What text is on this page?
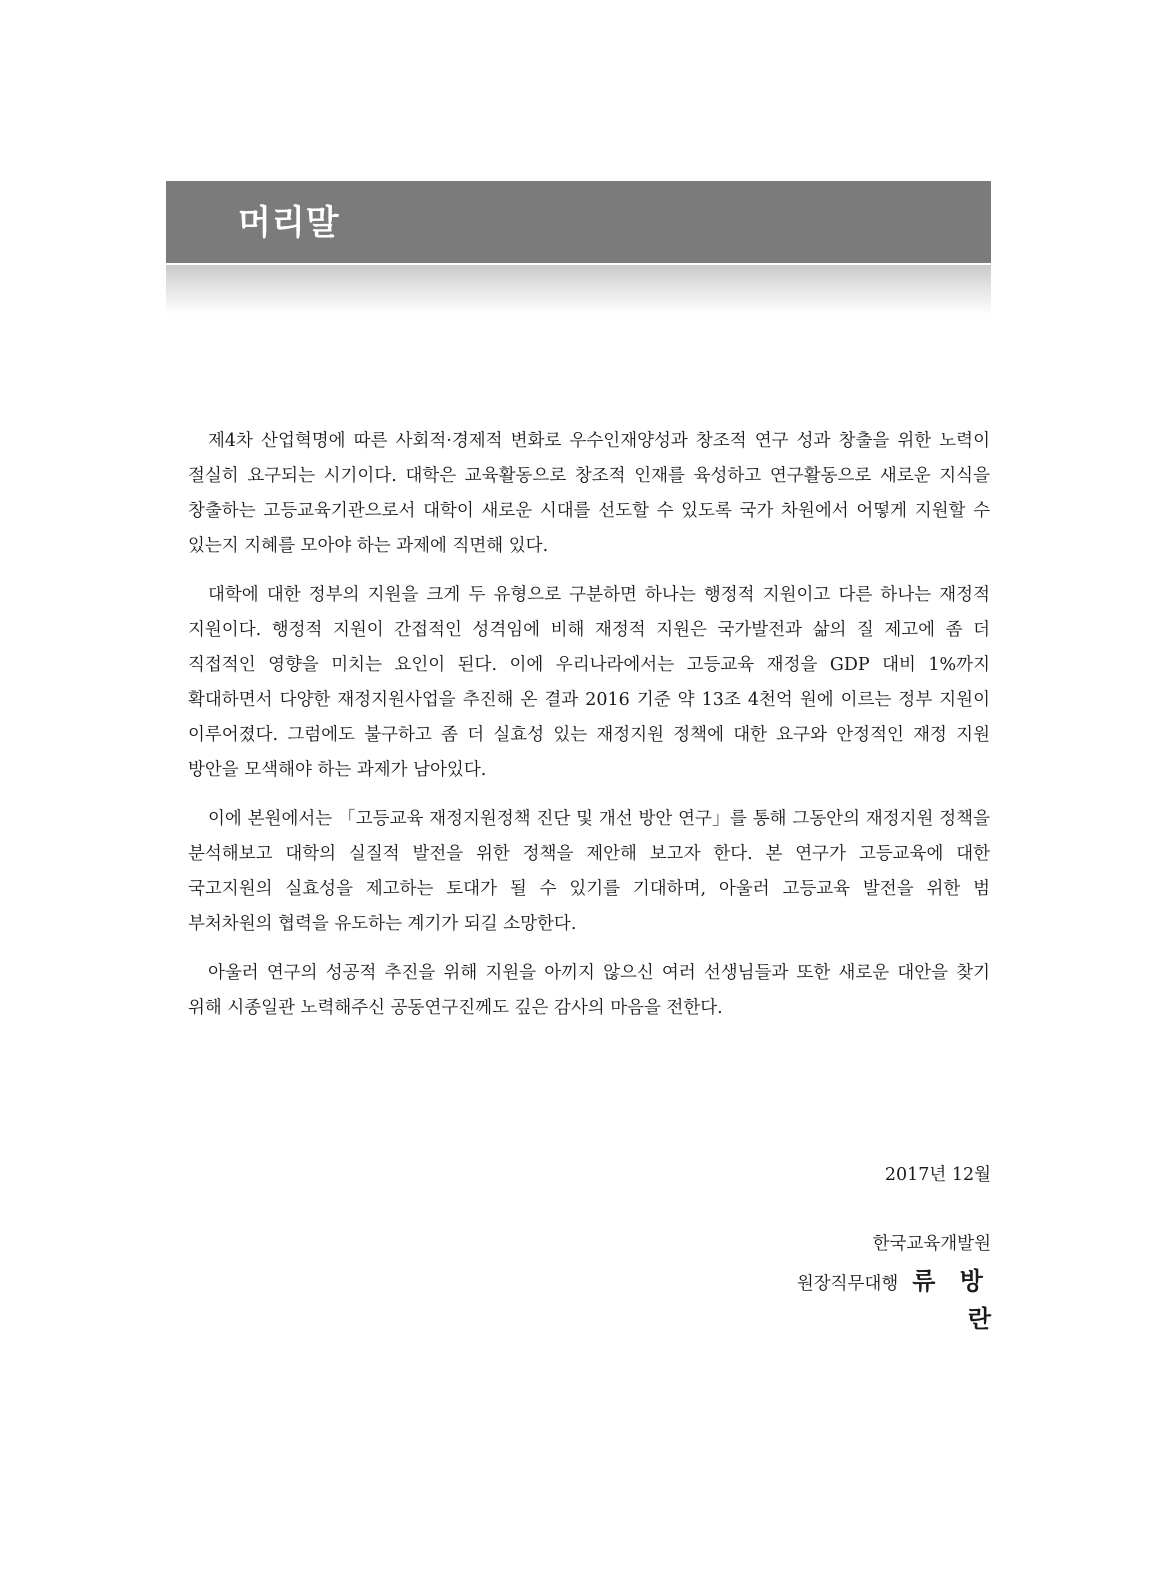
머리말

제4차 산업혁명에 따른 사회적·경제적 변화로 우수인재양성과 창조적 연구 성과 창출을 위한 노력이 절실히 요구되는 시기이다. 대학은 교육활동으로 창조적 인재를 육성하고 연구활동으로 새로운 지식을 창출하는 고등교육기관으로서 대학이 새로운 시대를 선도할 수 있도록 국가 차원에서 어떻게 지원할 수 있는지 지혜를 모아야 하는 과제에 직면해 있다.

대학에 대한 정부의 지원을 크게 두 유형으로 구분하면 하나는 행정적 지원이고 다른 하나는 재정적 지원이다. 행정적 지원이 간접적인 성격임에 비해 재정적 지원은 국가발전과 삶의 질 제고에 좀 더 직접적인 영향을 미치는 요인이 된다. 이에 우리나라에서는 고등교육 재정을 GDP 대비 1%까지 확대하면서 다양한 재정지원사업을 추진해 온 결과 2016 기준 약 13조 4천억 원에 이르는 정부 지원이 이루어졌다. 그럼에도 불구하고 좀 더 실효성 있는 재정지원 정책에 대한 요구와 안정적인 재정 지원 방안을 모색해야 하는 과제가 남아있다.

이에 본원에서는 「고등교육 재정지원정책 진단 및 개선 방안 연구」를 통해 그동안의 재정지원 정책을 분석해보고 대학의 실질적 발전을 위한 정책을 제안해 보고자 한다. 본 연구가 고등교육에 대한 국고지원의 실효성을 제고하는 토대가 될 수 있기를 기대하며, 아울러 고등교육 발전을 위한 범 부처차원의 협력을 유도하는 계기가 되길 소망한다.

아울러 연구의 성공적 추진을 위해 지원을 아끼지 않으신 여러 선생님들과 또한 새로운 대안을 찾기 위해 시종일관 노력해주신 공동연구진께도 깊은 감사의 마음을 전한다.

2017년 12월

한국교육개발원

원장직무대행 류 방 란
